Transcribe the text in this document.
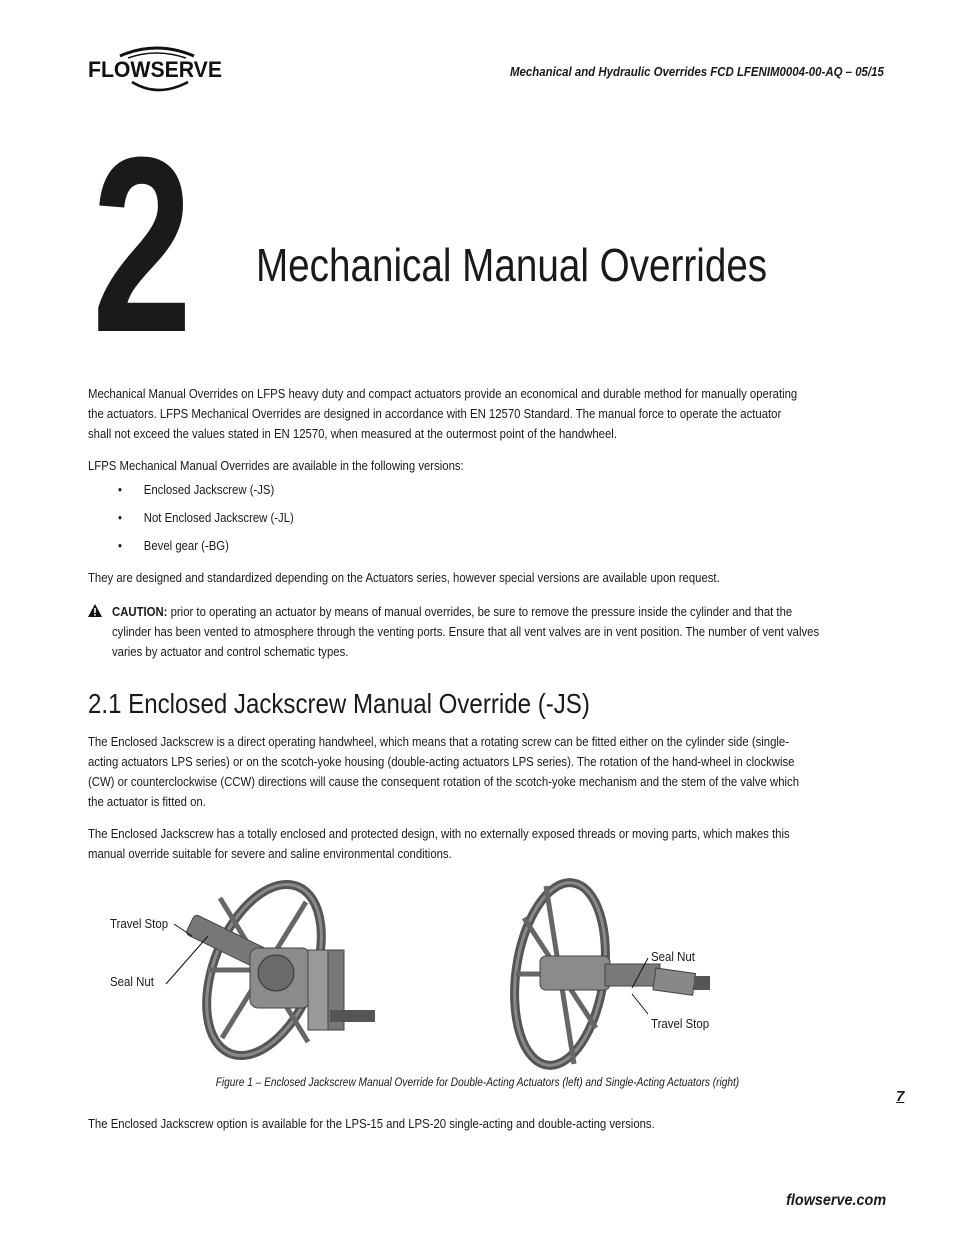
FLOWSERVE	Mechanical and Hydraulic Overrides FCD LFENIM0004-00-AQ – 05/15
2 Mechanical Manual Overrides

Mechanical Manual Overrides on LFPS heavy duty and compact actuators provide an economical and durable method for manually operating the actuators. LFPS Mechanical Overrides are designed in accordance with EN 12570 Standard. The manual force to operate the actuator shall not exceed the values stated in EN 12570, when measured at the outermost point of the handwheel.

LFPS Mechanical Manual Overrides are available in the following versions:

•	Enclosed Jackscrew (-JS)
•	Not Enclosed Jackscrew (-JL)
•	Bevel gear (-BG)

They are designed and standardized depending on the Actuators series, however special versions are available upon request.

CAUTION: prior to operating an actuator by means of manual overrides, be sure to remove the pressure inside the cylinder and that the cylinder has been vented to atmosphere through the venting ports. Ensure that all vent valves are in vent position. The number of vent valves varies by actuator and control schematic types.

2.1 Enclosed Jackscrew Manual Override (-JS)

The Enclosed Jackscrew is a direct operating handwheel, which means that a rotating screw can be fitted either on the cylinder side (single-acting actuators LPS series) or on the scotch-yoke housing (double-acting actuators LPS series). The rotation of the hand-wheel in clockwise (CW) or counterclockwise (CCW) directions will cause the consequent rotation of the scotch-yoke mechanism and the stem of the valve which the actuator is fitted on.

The Enclosed Jackscrew has a totally enclosed and protected design, with no externally exposed threads or moving parts, which makes this manual override suitable for severe and saline environmental conditions.

Travel Stop
Seal Nut
Seal Nut
Travel Stop
Figure 1 – Enclosed Jackscrew Manual Override for Double-Acting Actuators (left) and Single-Acting Actuators (right)
7

The Enclosed Jackscrew option is available for the LPS-15 and LPS-20 single-acting and double-acting versions.

flowserve.com
